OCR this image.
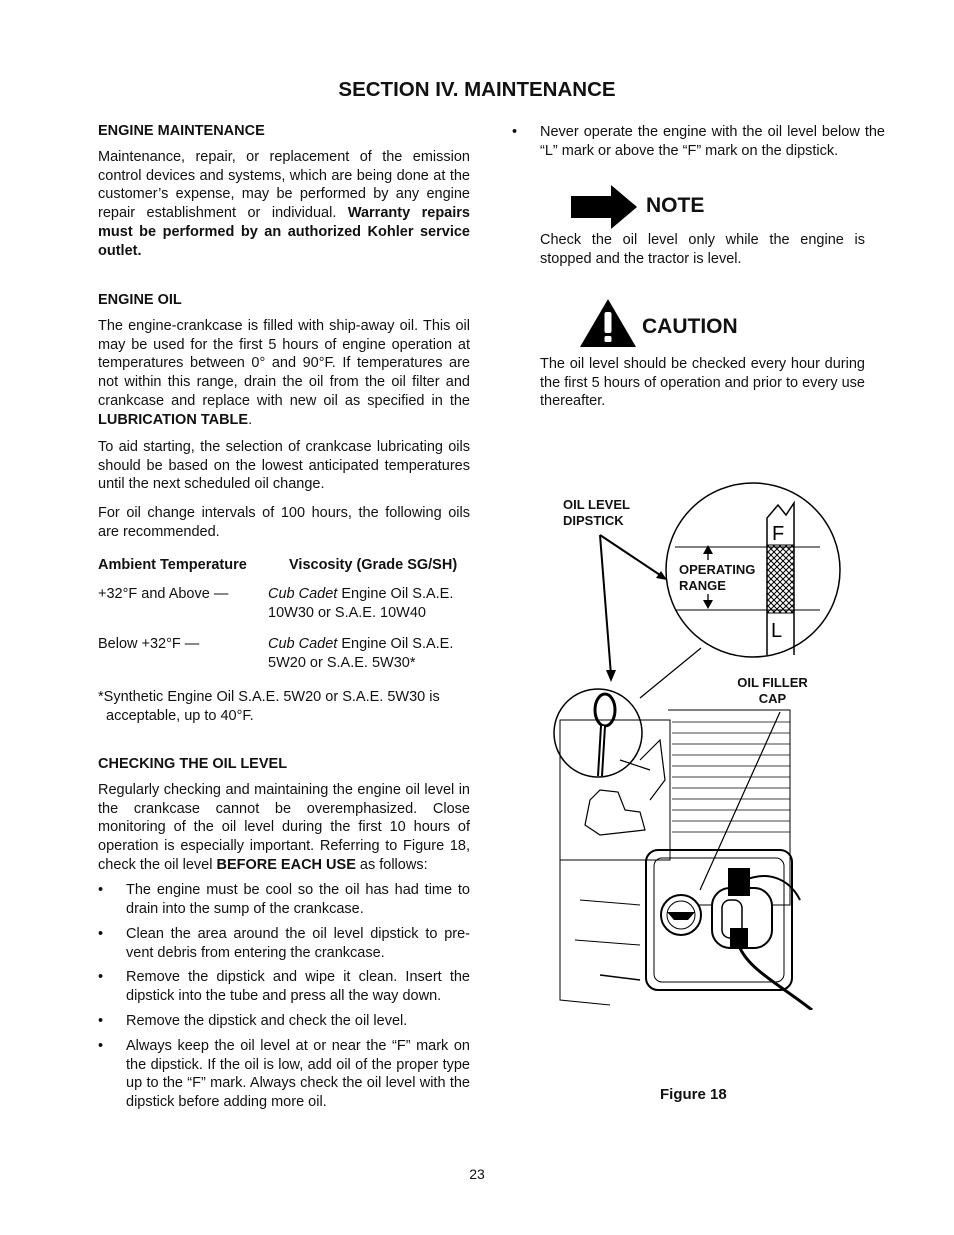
SECTION IV. MAINTENANCE
ENGINE MAINTENANCE
Maintenance, repair, or replacement of the emission control devices and systems, which are being done at the customer’s expense, may be performed by any engine repair establishment or individual. Warranty repairs must be performed by an authorized Kohler service outlet.
ENGINE OIL
The engine-crankcase is filled with ship-away oil. This oil may be used for the first 5 hours of engine operation at temperatures between 0° and 90°F. If temperatures are not within this range, drain the oil from the oil filter and crankcase and replace with new oil as specified in the LUBRICATION TABLE.
To aid starting, the selection of crankcase lubricating oils should be based on the lowest anticipated temperatures until the next scheduled oil change.
For oil change intervals of 100 hours, the following oils are recommended.
Ambient Temperature	Viscosity (Grade SG/SH)
+32°F and Above —	Cub Cadet Engine Oil S.A.E.
10W30 or S.A.E. 10W40
Below +32°F —	Cub Cadet Engine Oil S.A.E.
5W20 or S.A.E. 5W30*
*Synthetic Engine Oil S.A.E. 5W20 or S.A.E. 5W30 is
acceptable, up to 40°F.
CHECKING THE OIL LEVEL
Regularly checking and maintaining the engine oil level in the crankcase cannot be overemphasized. Close monitoring of the oil level during the first 10 hours of operation is especially important. Referring to Figure 18, check the oil level BEFORE EACH USE as follows:
• The engine must be cool so the oil has had time to drain into the sump of the crankcase.
• Clean the area around the oil level dipstick to pre-vent debris from entering the crankcase.
• Remove the dipstick and wipe it clean. Insert the dipstick into the tube and press all the way down.
• Remove the dipstick and check the oil level.
• Always keep the oil level at or near the “F” mark on the dipstick. If the oil is low, add oil of the proper type up to the “F” mark. Always check the oil level with the dipstick before adding more oil.
• Never operate the engine with the oil level below the “L” mark or above the “F” mark on the dipstick.
NOTE
Check the oil level only while the engine is stopped and the tractor is level.
CAUTION
The oil level should be checked every hour during the first 5 hours of operation and prior to every use thereafter.
F
L
OIL LEVEL
DIPSTICK
OPERATING
RANGE
OIL FILLER
CAP
Figure 18
23
